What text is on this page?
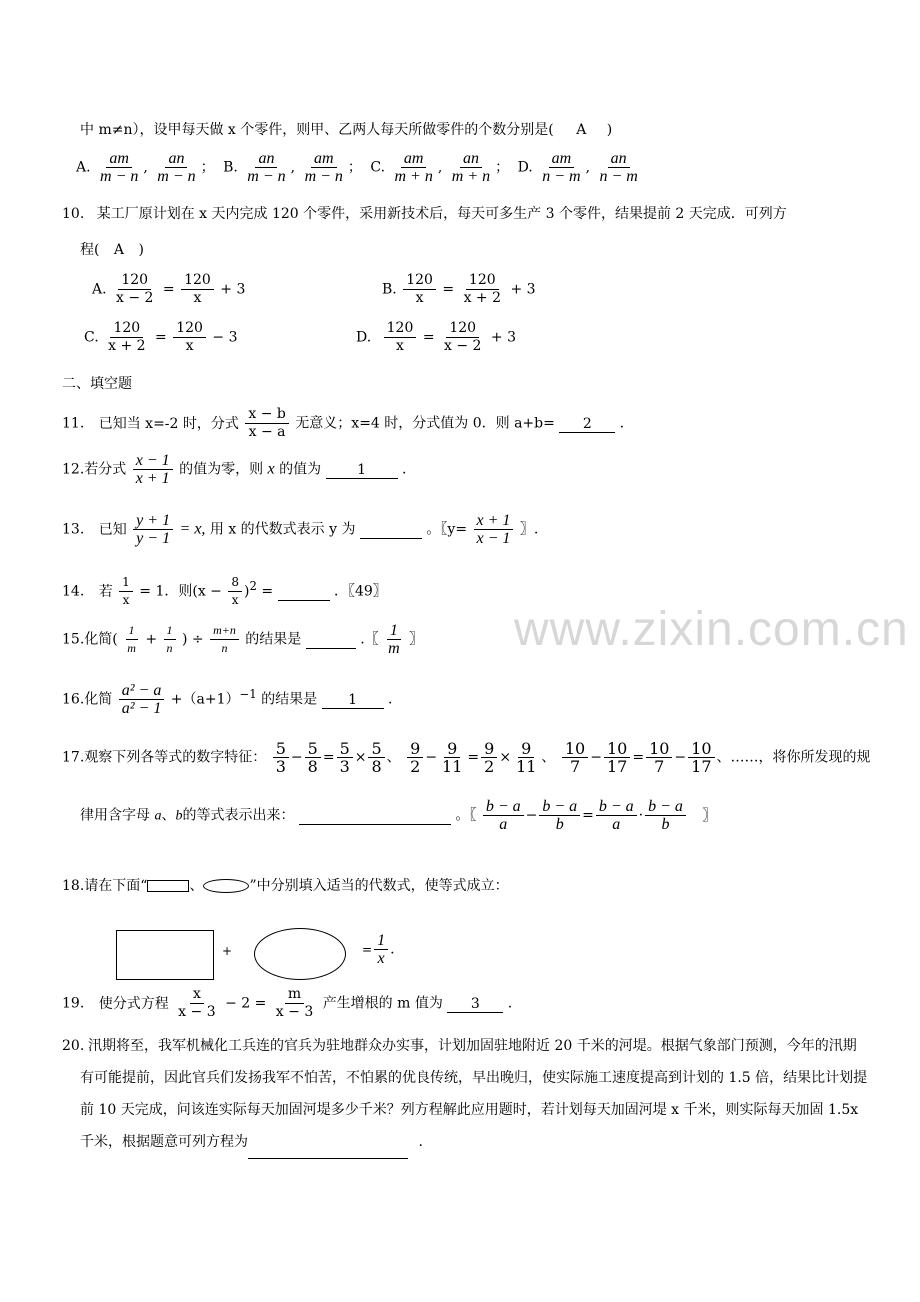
www.zixin.com.cn
中 m≠n），设甲每天做 x 个零件，则甲、乙两人每天所做零件的个数分别是( A )
A. $\frac{am}{m - n}$ , $\frac{an}{m - n}$ ； B. $\frac{an}{m - n}$ , $\frac{am}{m - n}$ ； C. $\frac{am}{m + n}$ , $\frac{an}{m + n}$ ； D. $\frac{am}{n - m}$ , $\frac{an}{n - m}$
10. 某工厂原计划在 x 天内完成 120 个零件，采用新技术后，每天可多生产 3 个零件，结果提前 2 天完成．可列方
程( A )
A. $\frac{120}{x - 2} = \frac{120}{x} + 3$	B. $\frac{120}{x} = \frac{120}{x + 2} + 3$
C. $\frac{120}{x + 2} = \frac{120}{x} - 3$	D. $\frac{120}{x} = \frac{120}{x - 2} + 3$
二、填空题
11. 已知当 x=-2 时，分式 $\frac{x - b}{x - a}$ 无意义；x=4 时，分式值为 0．则 a+b= 2 ．
12.若分式 $\frac{x - 1}{x + 1}$ 的值为零，则 x 的值为	1	.
13. 已知 $\frac{y + 1}{y - 1} = x$, 用 x 的代数式表示 y 为	。〖$y= \frac{x + 1}{x - 1}$ 〗.
14. 若 $\frac{1}{x} = 1$．则$(x - \frac{8}{x} )^2$ =	．〖49〗
15.化简( $\frac{1}{m} + \frac{1}{n}$ ) ÷ $\frac{m+n}{n}$ 的结果是	.〖 $\frac{1}{m}$ 〗
16.化简 $\frac{\text{a² − a}}{\text{a² − 1}} +(a+1)^{-1}$ 的结果是 1 .
17.观察下列各等式的数字特征： $\frac{5}{3} - \frac{5}{8} = \frac{5}{3} \times \frac{5}{8}$ 、 $\frac{9}{2} - \frac{9}{11} = \frac{9}{2} \times \frac{9}{11}$ 、 $\frac{10}{7} - \frac{10}{17} = \frac{10}{7} - \frac{10}{17}$ 、……，将你所发现的规
律用含字母 a、b的等式表示出来：	。〖 $\frac{b - a}{a} - \frac{b - a}{b} = \frac{b - a}{a} \cdot \frac{b - a}{b}$ 〗
18.请在下面“	、	”中分别填入适当的代数式，使等式成立：
+	= $\frac{1}{x}$ .
19. 使分式方程 $\frac{x}{x - 3} - 2 = \frac{m}{x - 3}$ 产生增根的 m 值为 3 .
20. 汛期将至，我军机械化工兵连的官兵为驻地群众办实事，计划加固驻地附近 20 千米的河堤。根据气象部门预测，今年的汛期有可能提前，因此官兵们发扬我军不怕苦，不怕累的优良传统，早出晚归，使实际施工速度提高到计划的 1.5 倍，结果比计划提前 10 天完成，问该连实际每天加固河堤多少千米？列方程解此应用题时，若计划每天加固河堤 x 千米，则实际每天加固 1.5x 千米，根据题意可列方程为	.
